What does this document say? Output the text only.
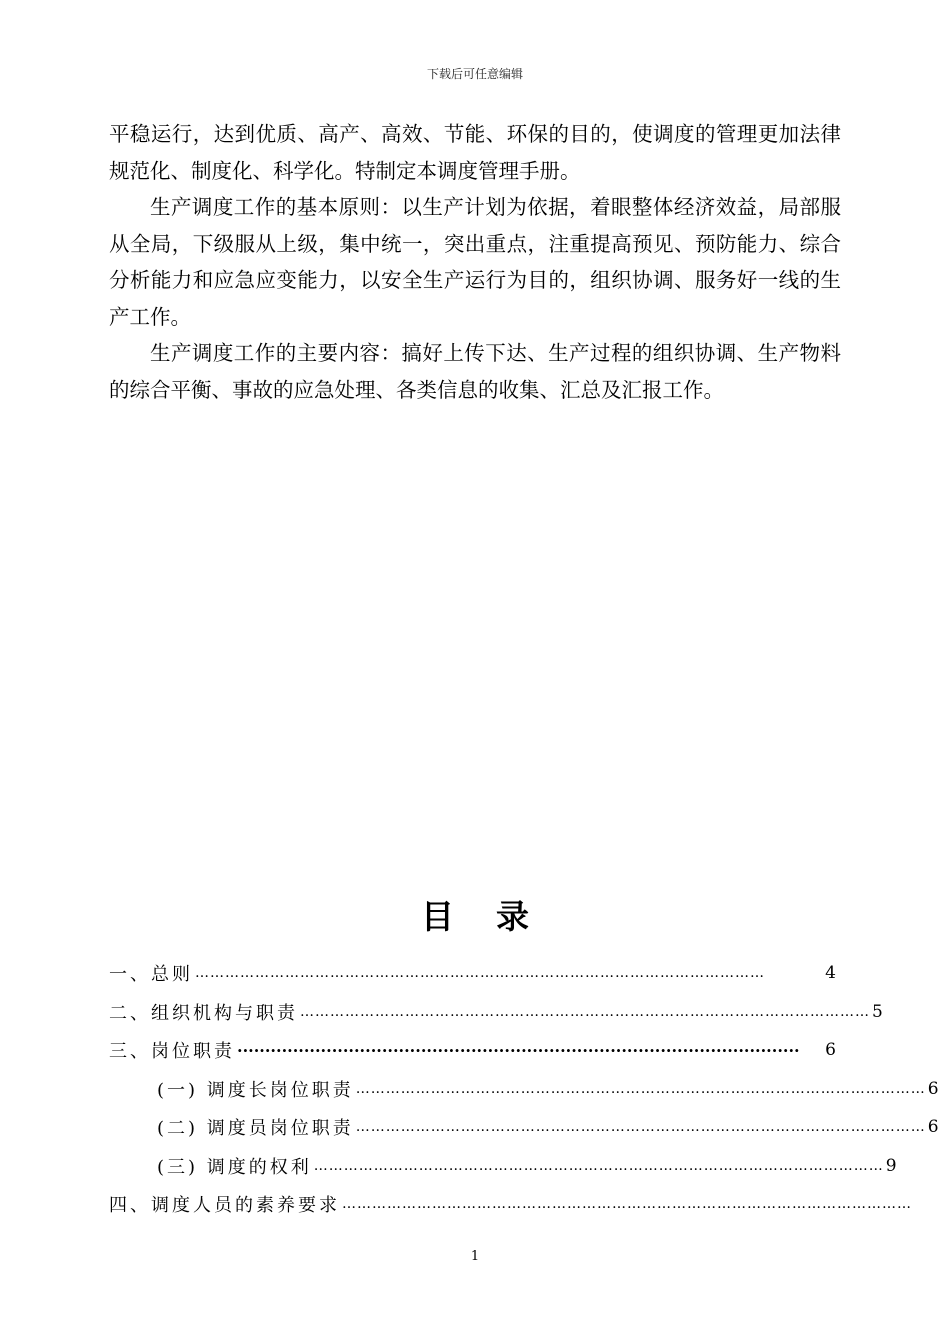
下载后可任意编辑

平稳运行，达到优质、高产、高效、节能、环保的目的，使调度的管理更加法律规范化、制度化、科学化。特制定本调度管理手册。

生产调度工作的基本原则：以生产计划为依据，着眼整体经济效益，局部服从全局，下级服从上级，集中统一，突出重点，注重提高预见、预防能力、综合分析能力和应急应变能力，以安全生产运行为目的，组织协调、服务好一线的生产工作。

生产调度工作的主要内容：搞好上传下达、生产过程的组织协调、生产物料的综合平衡、事故的应急处理、各类信息的收集、汇总及汇报工作。

目 录
一、总则 ……………………………………………………………………………………………………	4
二、组织机构与职责 …………………………………………………………………………………………………… 5
三、岗位职责 ·····································································································	6
(一) 调度长岗位职责 …………………………………………………………………………………………………… 6
(二) 调度员岗位职责 …………………………………………………………………………………………………… 6
(三) 调度的权利 …………………………………………………………………………………………………… 9
四、调度人员的素养要求 ……………………………………………………………………………………………………
1
